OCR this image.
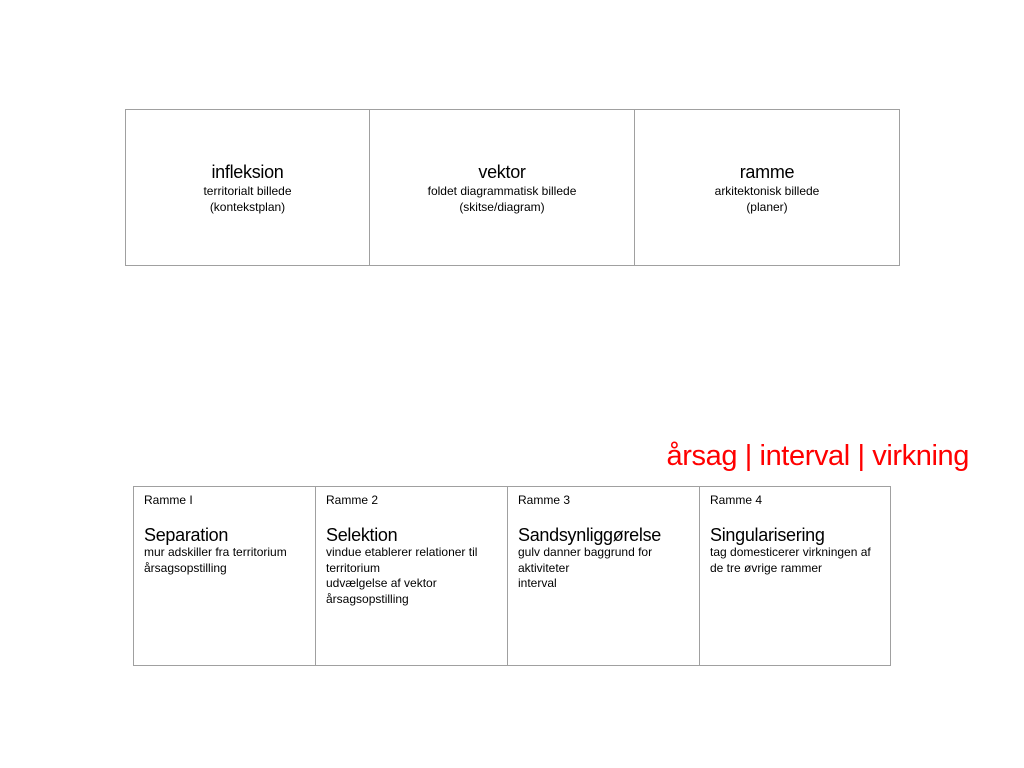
infleksion
territorialt billede
(kontekstplan)
vektor
foldet diagrammatisk billede
(skitse/diagram)
ramme
arkitektonisk billede
(planer)
årsag | interval | virkning
Ramme I
Separation
mur adskiller fra territorium
årsagsopstilling
Ramme 2
Selektion
vindue etablerer relationer til
territorium
udvælgelse af vektor
årsagsopstilling
Ramme 3
Sandsynliggørelse
gulv danner baggrund for
aktiviteter
interval
Ramme 4
Singularisering
tag domesticerer virkningen af
de tre øvrige rammer
